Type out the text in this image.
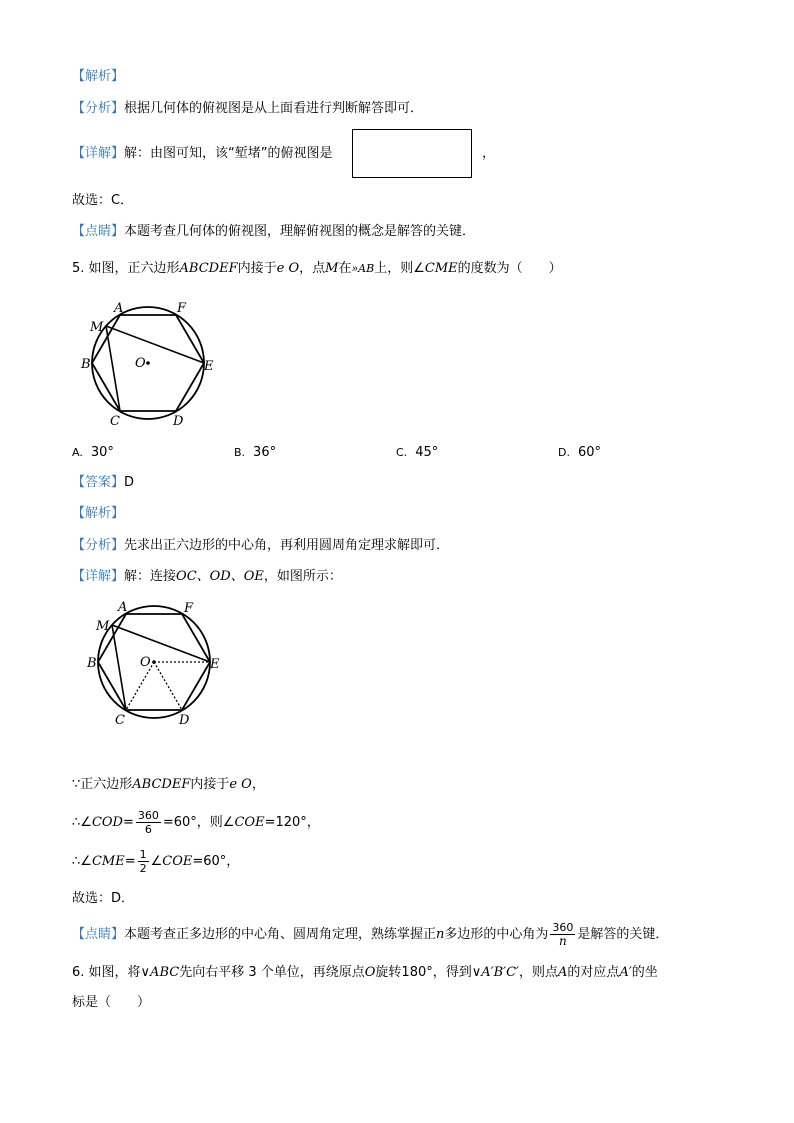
【解析】
【分析】根据几何体的俯视图是从上面看进行判断解答即可．
【详解】解：由图可知，该“堑堵”的俯视图是	，
故选：C．
【点睛】本题考查几何体的俯视图，理解俯视图的概念是解答的关键．
5. 如图，正六边形ABCDEF内接于e O，点M在»AB上，则∠CME的度数为（　　）
A	F
M
B	O	E
C	D
A. 30°	B. 36°	C. 45°	D. 60°
【答案】D
【解析】
【分析】先求出正六边形的中心角，再利用圆周角定理求解即可．
【详解】解：连接OC、OD、OE，如图所示：
A	F
M
B	O	E
C	D
∵正六边形ABCDEF内接于e O，
∴∠COD= $\frac{360}{6} =60^\circ$，则∠COE=120°，
∴∠CME= $\frac{1}{2}$ ∠COE=60°，
故选：D．
【点睛】本题考查正多边形的中心角、圆周角定理，熟练掌握正n多边形的中心角为 $\frac{360}{n}$ 是解答的关键．
6. 如图，将∨ABC先向右平移 3 个单位，再绕原点O旋转180°，得到∨A′B′C′，则点A的对应点A′的坐
标是（　　）
